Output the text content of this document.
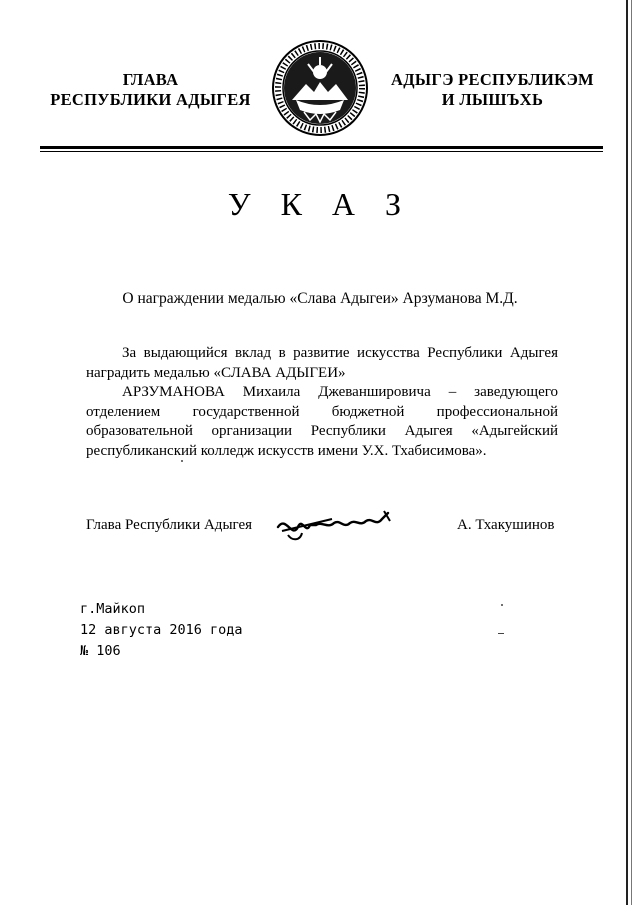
ГЛАВА
РЕСПУБЛИКИ АДЫГЕЯ
АДЫГЭ РЕСПУБЛИКЭМ
И ЛЫШЪХЬ
У К А З
О награждении медалью «Слава Адыгеи» Арзуманова М.Д.

За выдающийся вклад в развитие искусства Республики Адыгея наградить медалью «СЛАВА АДЫГЕИ»

АРЗУМАНОВА Михаила Джеваншировича – заведующего отделением государственной бюджетной профессиональной образовательной организации Республики Адыгея «Адыгейский республиканский колледж искусств имени У.Х. Тхабисимова».

Глава Республики Адыгея	А. Тхакушинов
г.Майкоп
12 августа 2016 года
№ 106
